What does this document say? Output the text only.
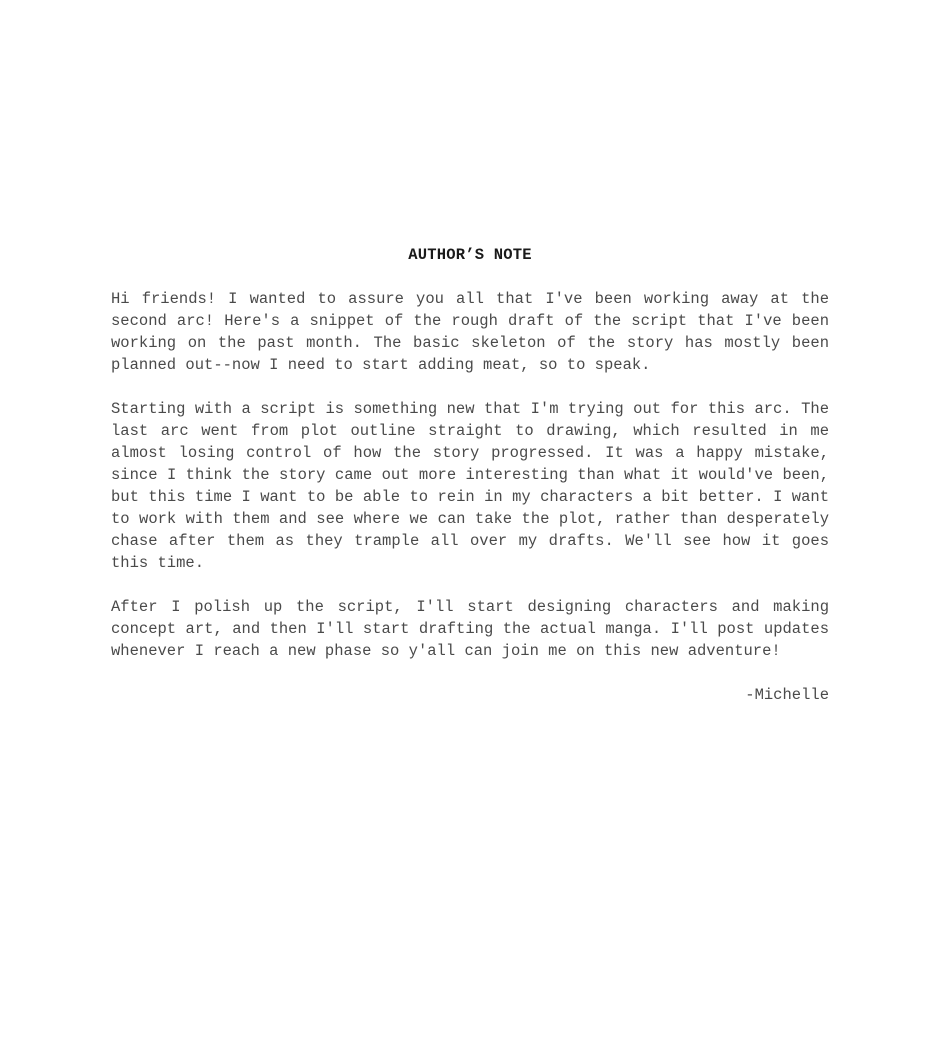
AUTHOR’S NOTE

Hi friends! I wanted to assure you all that I've been working away at the second arc! Here's a snippet of the rough draft of the script that I've been working on the past month. The basic skeleton of the story has mostly been planned out--now I need to start adding meat, so to speak.

Starting with a script is something new that I'm trying out for this arc. The last arc went from plot outline straight to drawing, which resulted in me almost losing control of how the story progressed. It was a happy mistake, since I think the story came out more interesting than what it would've been, but this time I want to be able to rein in my characters a bit better. I want to work with them and see where we can take the plot, rather than desperately chase after them as they trample all over my drafts. We'll see how it goes this time.

After I polish up the script, I'll start designing characters and making concept art, and then I'll start drafting the actual manga. I'll post updates whenever I reach a new phase so y'all can join me on this new adventure!

-Michelle
